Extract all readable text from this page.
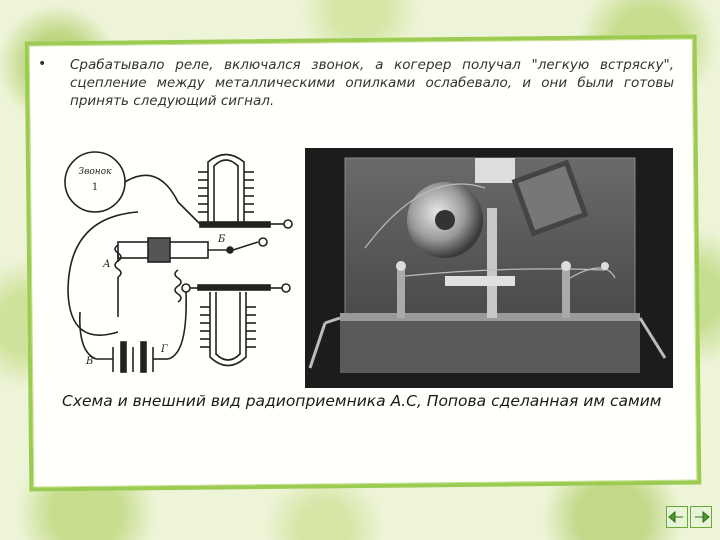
• Срабатывало реле, включался звонок, а когерер получал "легкую встряску", сцепление между металлическими опилками ослабевало, и они были готовы принять следующий сигнал.
Звонок
1
А
Б
В
Г
Схема и внешний вид радиоприемника А.С, Попова сделанная им самим
